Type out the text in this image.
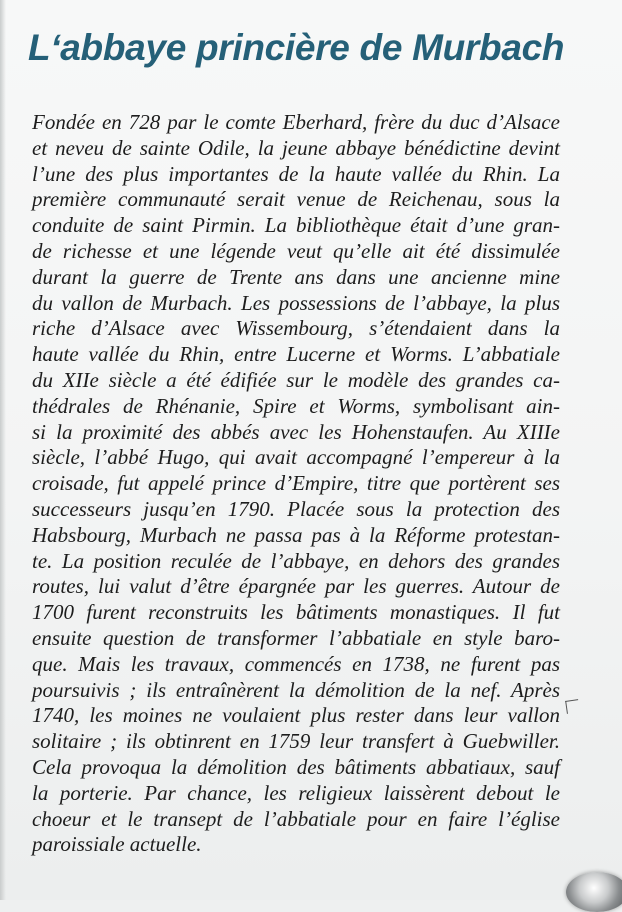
L‘abbaye princière de Murbach

Fondée en 728 par le comte Eberhard, frère du duc d’Alsace
et neveu de sainte Odile, la jeune abbaye bénédictine devint
l’une des plus importantes de la haute vallée du Rhin. La
première communauté serait venue de Reichenau, sous la
conduite de saint Pirmin. La bibliothèque était d’une gran-
de richesse et une légende veut qu’elle ait été dissimulée
durant la guerre de Trente ans dans une ancienne mine
du vallon de Murbach. Les possessions de l’abbaye, la plus
riche d’Alsace avec Wissembourg, s’étendaient dans la
haute vallée du Rhin, entre Lucerne et Worms. L’abbatiale
du XIIe siècle a été édifiée sur le modèle des grandes ca-
thédrales de Rhénanie, Spire et Worms, symbolisant ain-
si la proximité des abbés avec les Hohenstaufen. Au XIIIe
siècle, l’abbé Hugo, qui avait accompagné l’empereur à la
croisade, fut appelé prince d’Empire, titre que portèrent ses
successeurs jusqu’en 1790. Placée sous la protection des
Habsbourg, Murbach ne passa pas à la Réforme protestan-
te. La position reculée de l’abbaye, en dehors des grandes
routes, lui valut d’être épargnée par les guerres. Autour de
1700 furent reconstruits les bâtiments monastiques. Il fut
ensuite question de transformer l’abbatiale en style baro-
que. Mais les travaux, commencés en 1738, ne furent pas
poursuivis ; ils entraînèrent la démolition de la nef. Après
1740, les moines ne voulaient plus rester dans leur vallon
solitaire ; ils obtinrent en 1759 leur transfert à Guebwiller.
Cela provoqua la démolition des bâtiments abbatiaux, sauf
la porterie. Par chance, les religieux laissèrent debout le
choeur et le transept de l’abbatiale pour en faire l’église
paroissiale actuelle.
